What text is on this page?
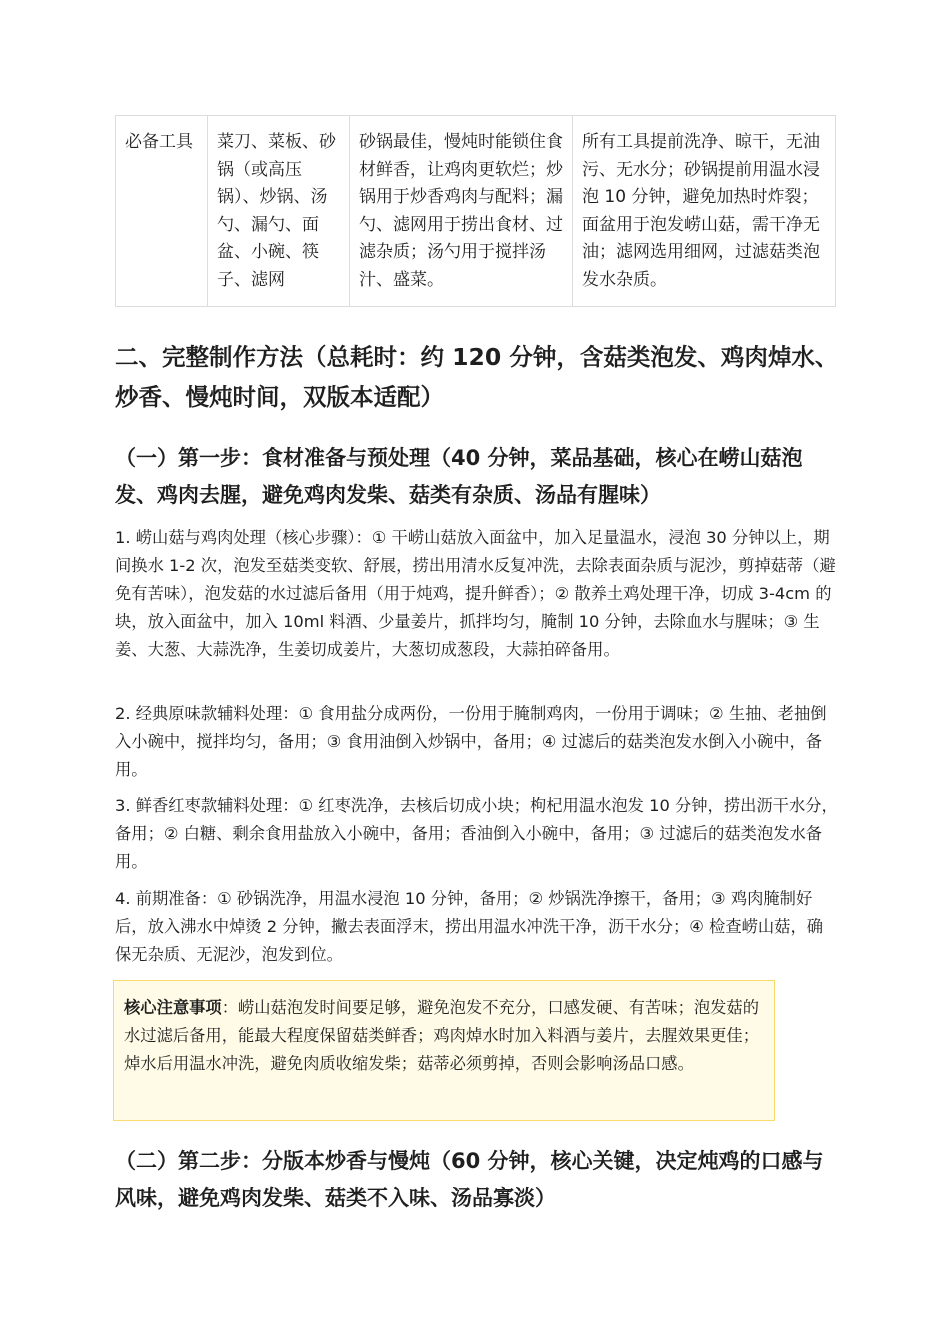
必备工具	菜刀、菜板、砂锅（或高压锅）、炒锅、汤勺、漏勺、面盆、小碗、筷子、滤网	砂锅最佳，慢炖时能锁住食材鲜香，让鸡肉更软烂；炒锅用于炒香鸡肉与配料；漏勺、滤网用于捞出食材、过滤杂质；汤勺用于搅拌汤汁、盛菜。	所有工具提前洗净、晾干，无油污、无水分；砂锅提前用温水浸泡 10 分钟，避免加热时炸裂；面盆用于泡发崂山菇，需干净无油；滤网选用细网，过滤菇类泡发水杂质。
二、完整制作方法（总耗时：约 120 分钟，含菇类泡发、鸡肉焯水、炒香、慢炖时间，双版本适配）
（一）第一步：食材准备与预处理（40 分钟，菜品基础，核心在崂山菇泡发、鸡肉去腥，避免鸡肉发柴、菇类有杂质、汤品有腥味）

1. 崂山菇与鸡肉处理（核心步骤）：① 干崂山菇放入面盆中，加入足量温水，浸泡 30 分钟以上，期间换水 1-2 次，泡发至菇类变软、舒展，捞出用清水反复冲洗，去除表面杂质与泥沙，剪掉菇蒂（避免有苦味），泡发菇的水过滤后备用（用于炖鸡，提升鲜香）；② 散养土鸡处理干净，切成 3-4cm 的块，放入面盆中，加入 10ml 料酒、少量姜片，抓拌均匀，腌制 10 分钟，去除血水与腥味；③ 生姜、大葱、大蒜洗净，生姜切成姜片，大葱切成葱段，大蒜拍碎备用。

2. 经典原味款辅料处理：① 食用盐分成两份，一份用于腌制鸡肉，一份用于调味；② 生抽、老抽倒入小碗中，搅拌均匀，备用；③ 食用油倒入炒锅中，备用；④ 过滤后的菇类泡发水倒入小碗中，备用。

3. 鲜香红枣款辅料处理：① 红枣洗净，去核后切成小块；枸杞用温水泡发 10 分钟，捞出沥干水分，备用；② 白糖、剩余食用盐放入小碗中，备用；香油倒入小碗中，备用；③ 过滤后的菇类泡发水备用。

4. 前期准备：① 砂锅洗净，用温水浸泡 10 分钟，备用；② 炒锅洗净擦干，备用；③ 鸡肉腌制好后，放入沸水中焯烫 2 分钟，撇去表面浮末，捞出用温水冲洗干净，沥干水分；④ 检查崂山菇，确保无杂质、无泥沙，泡发到位。

核心注意事项：崂山菇泡发时间要足够，避免泡发不充分，口感发硬、有苦味；泡发菇的水过滤后备用，能最大程度保留菇类鲜香；鸡肉焯水时加入料酒与姜片，去腥效果更佳；焯水后用温水冲洗，避免肉质收缩发柴；菇蒂必须剪掉，否则会影响汤品口感。
（二）第二步：分版本炒香与慢炖（60 分钟，核心关键，决定炖鸡的口感与风味，避免鸡肉发柴、菇类不入味、汤品寡淡）
